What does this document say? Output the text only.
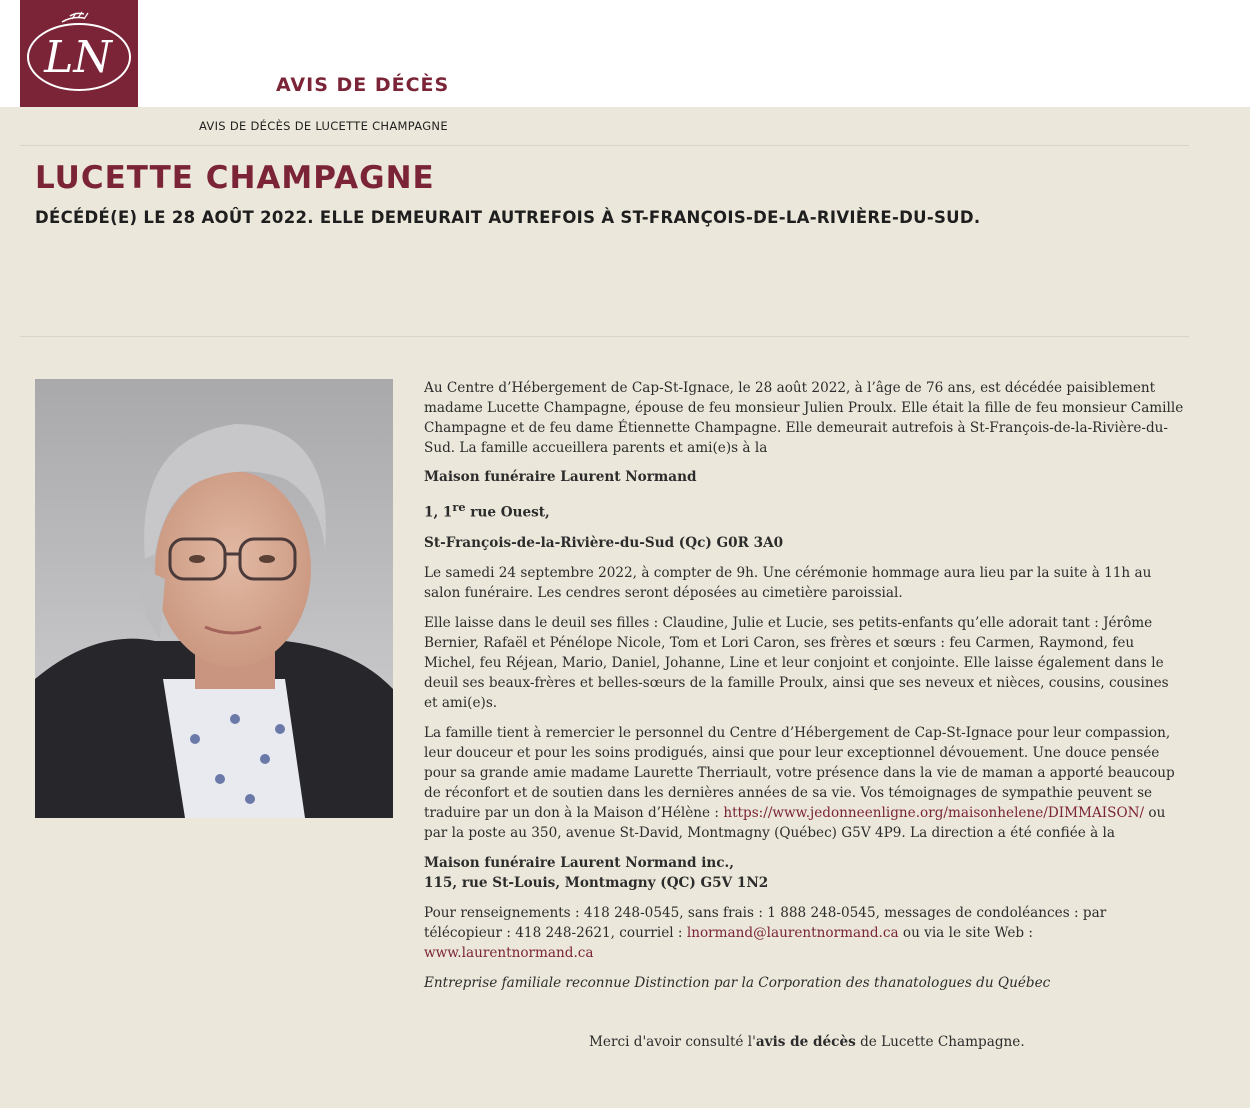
LN
AVIS DE DÉCÈS

AVIS DE DÉCÈS DE LUCETTE CHAMPAGNE

LUCETTE CHAMPAGNE
DÉCÉDÉ(E) LE 28 AOÛT 2022. ELLE DEMEURAIT AUTREFOIS À ST-FRANÇOIS-DE-LA-RIVIÈRE-DU-SUD.

Au Centre d’Hébergement de Cap-St-Ignace, le 28 août 2022, à l’âge de 76 ans, est décédée paisiblement madame Lucette Champagne, épouse de feu monsieur Julien Proulx. Elle était la fille de feu monsieur Camille Champagne et de feu dame Étiennette Champagne. Elle demeurait autrefois à St-François-de-la-Rivière-du-Sud. La famille accueillera parents et ami(e)s à la

Maison funéraire Laurent Normand

1, 1re rue Ouest,

St-François-de-la-Rivière-du-Sud (Qc) G0R 3A0

Le samedi 24 septembre 2022, à compter de 9h. Une cérémonie hommage aura lieu par la suite à 11h au salon funéraire. Les cendres seront déposées au cimetière paroissial.

Elle laisse dans le deuil ses filles : Claudine, Julie et Lucie, ses petits-enfants qu’elle adorait tant : Jérôme Bernier, Rafaël et Pénélope Nicole, Tom et Lori Caron, ses frères et sœurs : feu Carmen, Raymond, feu Michel, feu Réjean, Mario, Daniel, Johanne, Line et leur conjoint et conjointe. Elle laisse également dans le deuil ses beaux-frères et belles-sœurs de la famille Proulx, ainsi que ses neveux et nièces, cousins, cousines et ami(e)s.

La famille tient à remercier le personnel du Centre d’Hébergement de Cap-St-Ignace pour leur compassion, leur douceur et pour les soins prodigués, ainsi que pour leur exceptionnel dévouement. Une douce pensée pour sa grande amie madame Laurette Therriault, votre présence dans la vie de maman a apporté beaucoup de réconfort et de soutien dans les dernières années de sa vie. Vos témoignages de sympathie peuvent se traduire par un don à la Maison d’Hélène : https://www.jedonneenligne.org/maisonhelene/DIMMAISON/ ou par la poste au 350, avenue St-David, Montmagny (Québec) G5V 4P9. La direction a été confiée à la

Maison funéraire Laurent Normand inc.,
115, rue St-Louis, Montmagny (QC) G5V 1N2

Pour renseignements : 418 248-0545, sans frais : 1 888 248-0545, messages de condoléances : par télécopieur : 418 248-2621, courriel : lnormand@laurentnormand.ca ou via le site Web : www.laurentnormand.ca

Entreprise familiale reconnue Distinction par la Corporation des thanatologues du Québec

Merci d'avoir consulté l'avis de décès de Lucette Champagne.
